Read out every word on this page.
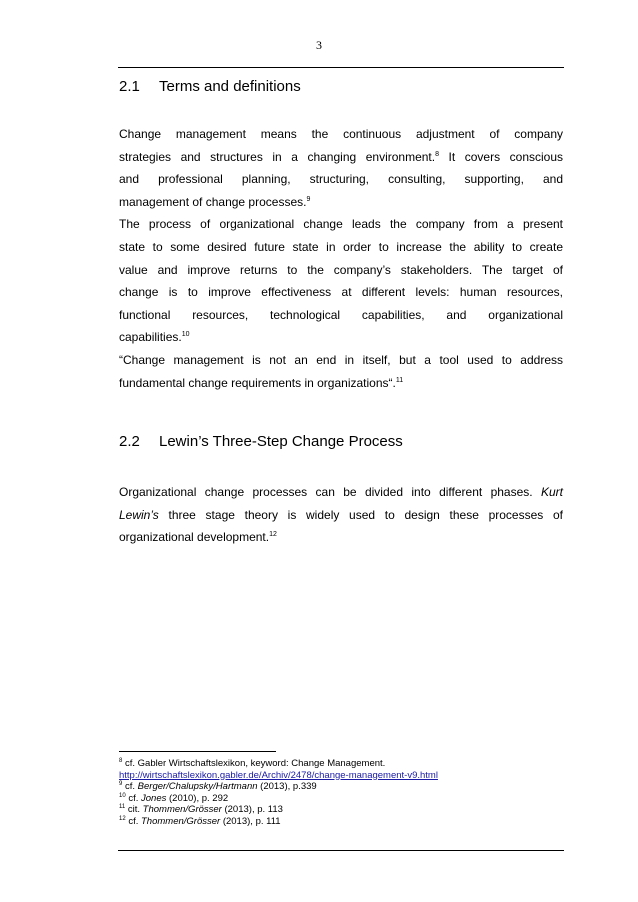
3
2.1 Terms and definitions
Change management means the continuous adjustment of company
strategies and structures in a changing environment.$^8$ It covers conscious
and professional planning, structuring, consulting, supporting, and
management of change processes.$^9$
The process of organizational change leads the company from a present
state to some desired future state in order to increase the ability to create
value and improve returns to the company’s stakeholders. The target of
change is to improve effectiveness at different levels: human resources,
functional resources, technological capabilities, and organizational
capabilities.$^{10}$
“Change management is not an end in itself, but a tool used to address
fundamental change requirements in organizations“.$^{11}$
2.2 Lewin’s Three-Step Change Process
Organizational change processes can be divided into different phases. Kurt
Lewin’s three stage theory is widely used to design these processes of
organizational development.$^{12}$
$^8$ cf. Gabler Wirtschaftslexikon, keyword: Change Management.
http://wirtschaftslexikon.gabler.de/Archiv/2478/change-management-v9.html
$^9$ cf. Berger/Chalupsky/Hartmann (2013), p.339
$^{10}$ cf. Jones (2010), p. 292
$^{11}$ cit. Thommen/Grösser (2013), p. 113
$^{12}$ cf. Thommen/Grösser (2013), p. 111
